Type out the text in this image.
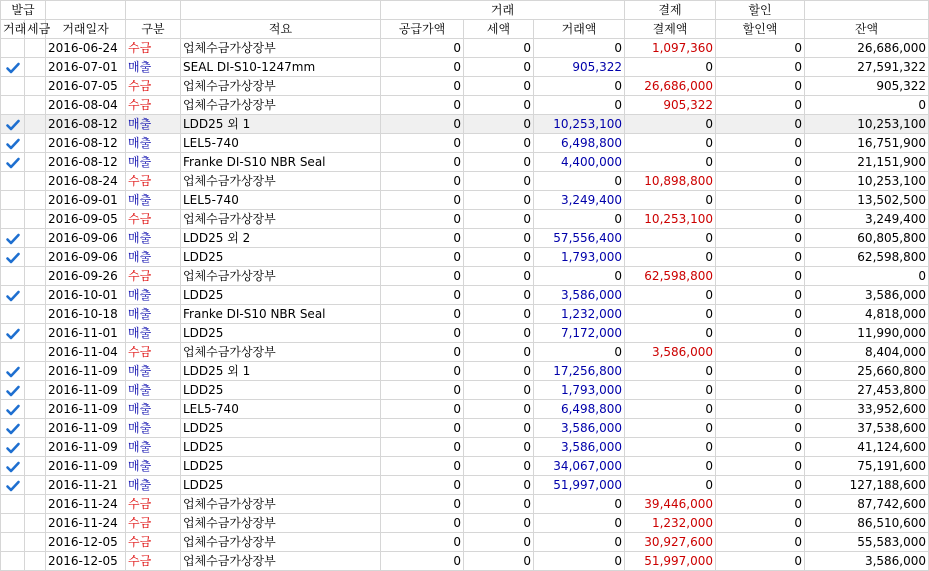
발급					거래			결제	할인	
거래	세금	거래일자	구분	적요	공급가액	세액	거래액	결제액	할인액	잔액
		2016-06-24	수금	업체수금가상장부	0	0	0	1,097,360	0	26,686,000

		2016-07-01	매출	SEAL DI-S10-1247mm	0	0	905,322	0	0	27,591,322
		2016-07-05	수금	업체수금가상장부	0	0	0	26,686,000	0	905,322
		2016-08-04	수금	업체수금가상장부	0	0	0	905,322	0	0

		2016-08-12	매출	LDD25 외 1	0	0	10,253,100	0	0	10,253,100

		2016-08-12	매출	LEL5-740	0	0	6,498,800	0	0	16,751,900

		2016-08-12	매출	Franke DI-S10 NBR Seal	0	0	4,400,000	0	0	21,151,900
		2016-08-24	수금	업체수금가상장부	0	0	0	10,898,800	0	10,253,100
		2016-09-01	매출	LEL5-740	0	0	3,249,400	0	0	13,502,500
		2016-09-05	수금	업체수금가상장부	0	0	0	10,253,100	0	3,249,400

		2016-09-06	매출	LDD25 외 2	0	0	57,556,400	0	0	60,805,800

		2016-09-06	매출	LDD25	0	0	1,793,000	0	0	62,598,800
		2016-09-26	수금	업체수금가상장부	0	0	0	62,598,800	0	0

		2016-10-01	매출	LDD25	0	0	3,586,000	0	0	3,586,000
		2016-10-18	매출	Franke DI-S10 NBR Seal	0	0	1,232,000	0	0	4,818,000

		2016-11-01	매출	LDD25	0	0	7,172,000	0	0	11,990,000
		2016-11-04	수금	업체수금가상장부	0	0	0	3,586,000	0	8,404,000

		2016-11-09	매출	LDD25 외 1	0	0	17,256,800	0	0	25,660,800

		2016-11-09	매출	LDD25	0	0	1,793,000	0	0	27,453,800

		2016-11-09	매출	LEL5-740	0	0	6,498,800	0	0	33,952,600

		2016-11-09	매출	LDD25	0	0	3,586,000	0	0	37,538,600

		2016-11-09	매출	LDD25	0	0	3,586,000	0	0	41,124,600

		2016-11-09	매출	LDD25	0	0	34,067,000	0	0	75,191,600

		2016-11-21	매출	LDD25	0	0	51,997,000	0	0	127,188,600
		2016-11-24	수금	업체수금가상장부	0	0	0	39,446,000	0	87,742,600
		2016-11-24	수금	업체수금가상장부	0	0	0	1,232,000	0	86,510,600
		2016-12-05	수금	업체수금가상장부	0	0	0	30,927,600	0	55,583,000
		2016-12-05	수금	업체수금가상장부	0	0	0	51,997,000	0	3,586,000
